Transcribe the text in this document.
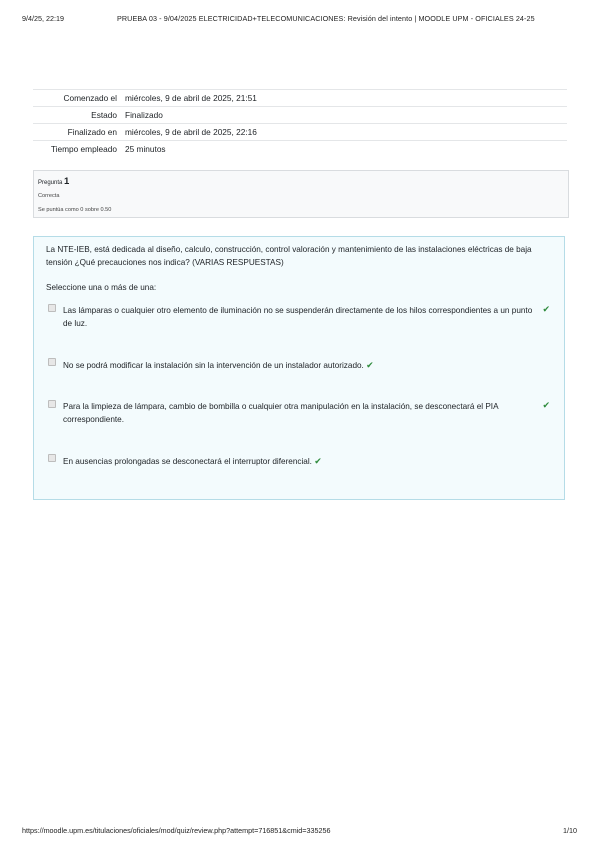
9/4/25, 22:19	PRUEBA 03 - 9/04/2025 ELECTRICIDAD+TELECOMUNICACIONES: Revisión del intento | MOODLE UPM - OFICIALES 24-25
Comenzado el	miércoles, 9 de abril de 2025, 21:51
Estado	Finalizado
Finalizado en	miércoles, 9 de abril de 2025, 22:16
Tiempo empleado	25 minutos
Pregunta 1
Correcta
Se puntúa como 0 sobre 0.50
La NTE-IEB, está dedicada al diseño, calculo, construcción, control valoración y mantenimiento de las instalaciones eléctricas de baja tensión ¿Qué precauciones nos indica? (VARIAS RESPUESTAS)
Seleccione una o más de una:
Las lámparas o cualquier otro elemento de iluminación no se suspenderán directamente de los hilos correspondientes a un punto de luz.
✔
No se podrá modificar la instalación sin la intervención de un instalador autorizado. ✔
Para la limpieza de lámpara, cambio de bombilla o cualquier otra manipulación en la instalación, se desconectará el PIA correspondiente.
✔
En ausencias prolongadas se desconectará el interruptor diferencial. ✔
https://moodle.upm.es/titulaciones/oficiales/mod/quiz/review.php?attempt=716851&cmid=335256	1/10
